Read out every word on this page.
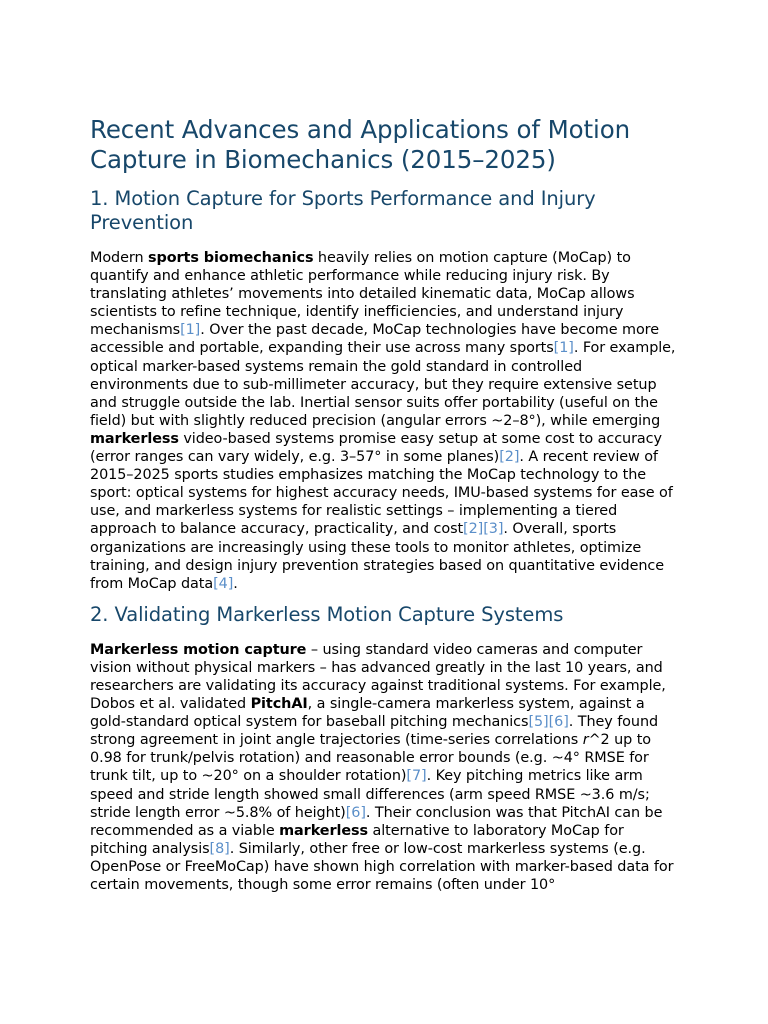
Recent Advances and Applications of Motion Capture in Biomechanics (2015–2025)
1. Motion Capture for Sports Performance and Injury Prevention

Modern sports biomechanics heavily relies on motion capture (MoCap) to quantify and enhance athletic performance while reducing injury risk. By translating athletes’ movements into detailed kinematic data, MoCap allows scientists to refine technique, identify inefficiencies, and understand injury mechanisms[1]. Over the past decade, MoCap technologies have become more accessible and portable, expanding their use across many sports[1]. For example, optical marker-based systems remain the gold standard in controlled environments due to sub-millimeter accuracy, but they require extensive setup and struggle outside the lab. Inertial sensor suits offer portability (useful on the field) but with slightly reduced precision (angular errors ~2–8°), while emerging markerless video-based systems promise easy setup at some cost to accuracy (error ranges can vary widely, e.g. 3–57° in some planes)[2]. A recent review of 2015–2025 sports studies emphasizes matching the MoCap technology to the sport: optical systems for highest accuracy needs, IMU-based systems for ease of use, and markerless systems for realistic settings – implementing a tiered approach to balance accuracy, practicality, and cost[2][3]. Overall, sports organizations are increasingly using these tools to monitor athletes, optimize training, and design injury prevention strategies based on quantitative evidence from MoCap data[4].

2. Validating Markerless Motion Capture Systems

Markerless motion capture – using standard video cameras and computer vision without physical markers – has advanced greatly in the last 10 years, and researchers are validating its accuracy against traditional systems. For example, Dobos et al. validated PitchAI, a single-camera markerless system, against a gold-standard optical system for baseball pitching mechanics[5][6]. They found strong agreement in joint angle trajectories (time-series correlations r^2 up to 0.98 for trunk/pelvis rotation) and reasonable error bounds (e.g. ~4° RMSE for trunk tilt, up to ~20° on a shoulder rotation)[7]. Key pitching metrics like arm speed and stride length showed small differences (arm speed RMSE ~3.6 m/s; stride length error ~5.8% of height)[6]. Their conclusion was that PitchAI can be recommended as a viable markerless alternative to laboratory MoCap for pitching analysis[8]. Similarly, other free or low-cost markerless systems (e.g. OpenPose or FreeMoCap) have shown high correlation with marker-based data for certain movements, though some error remains (often under 10°
